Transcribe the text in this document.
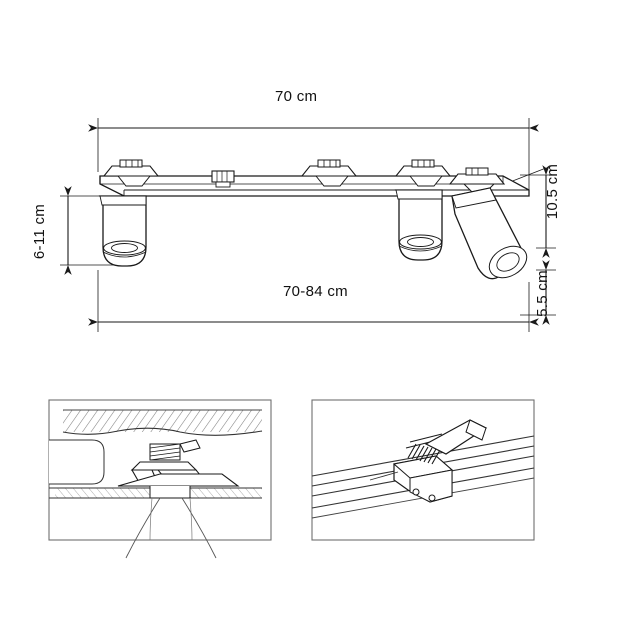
70 cm
70-84 cm
6-11 cm
10.5 cm
5.5 cm
